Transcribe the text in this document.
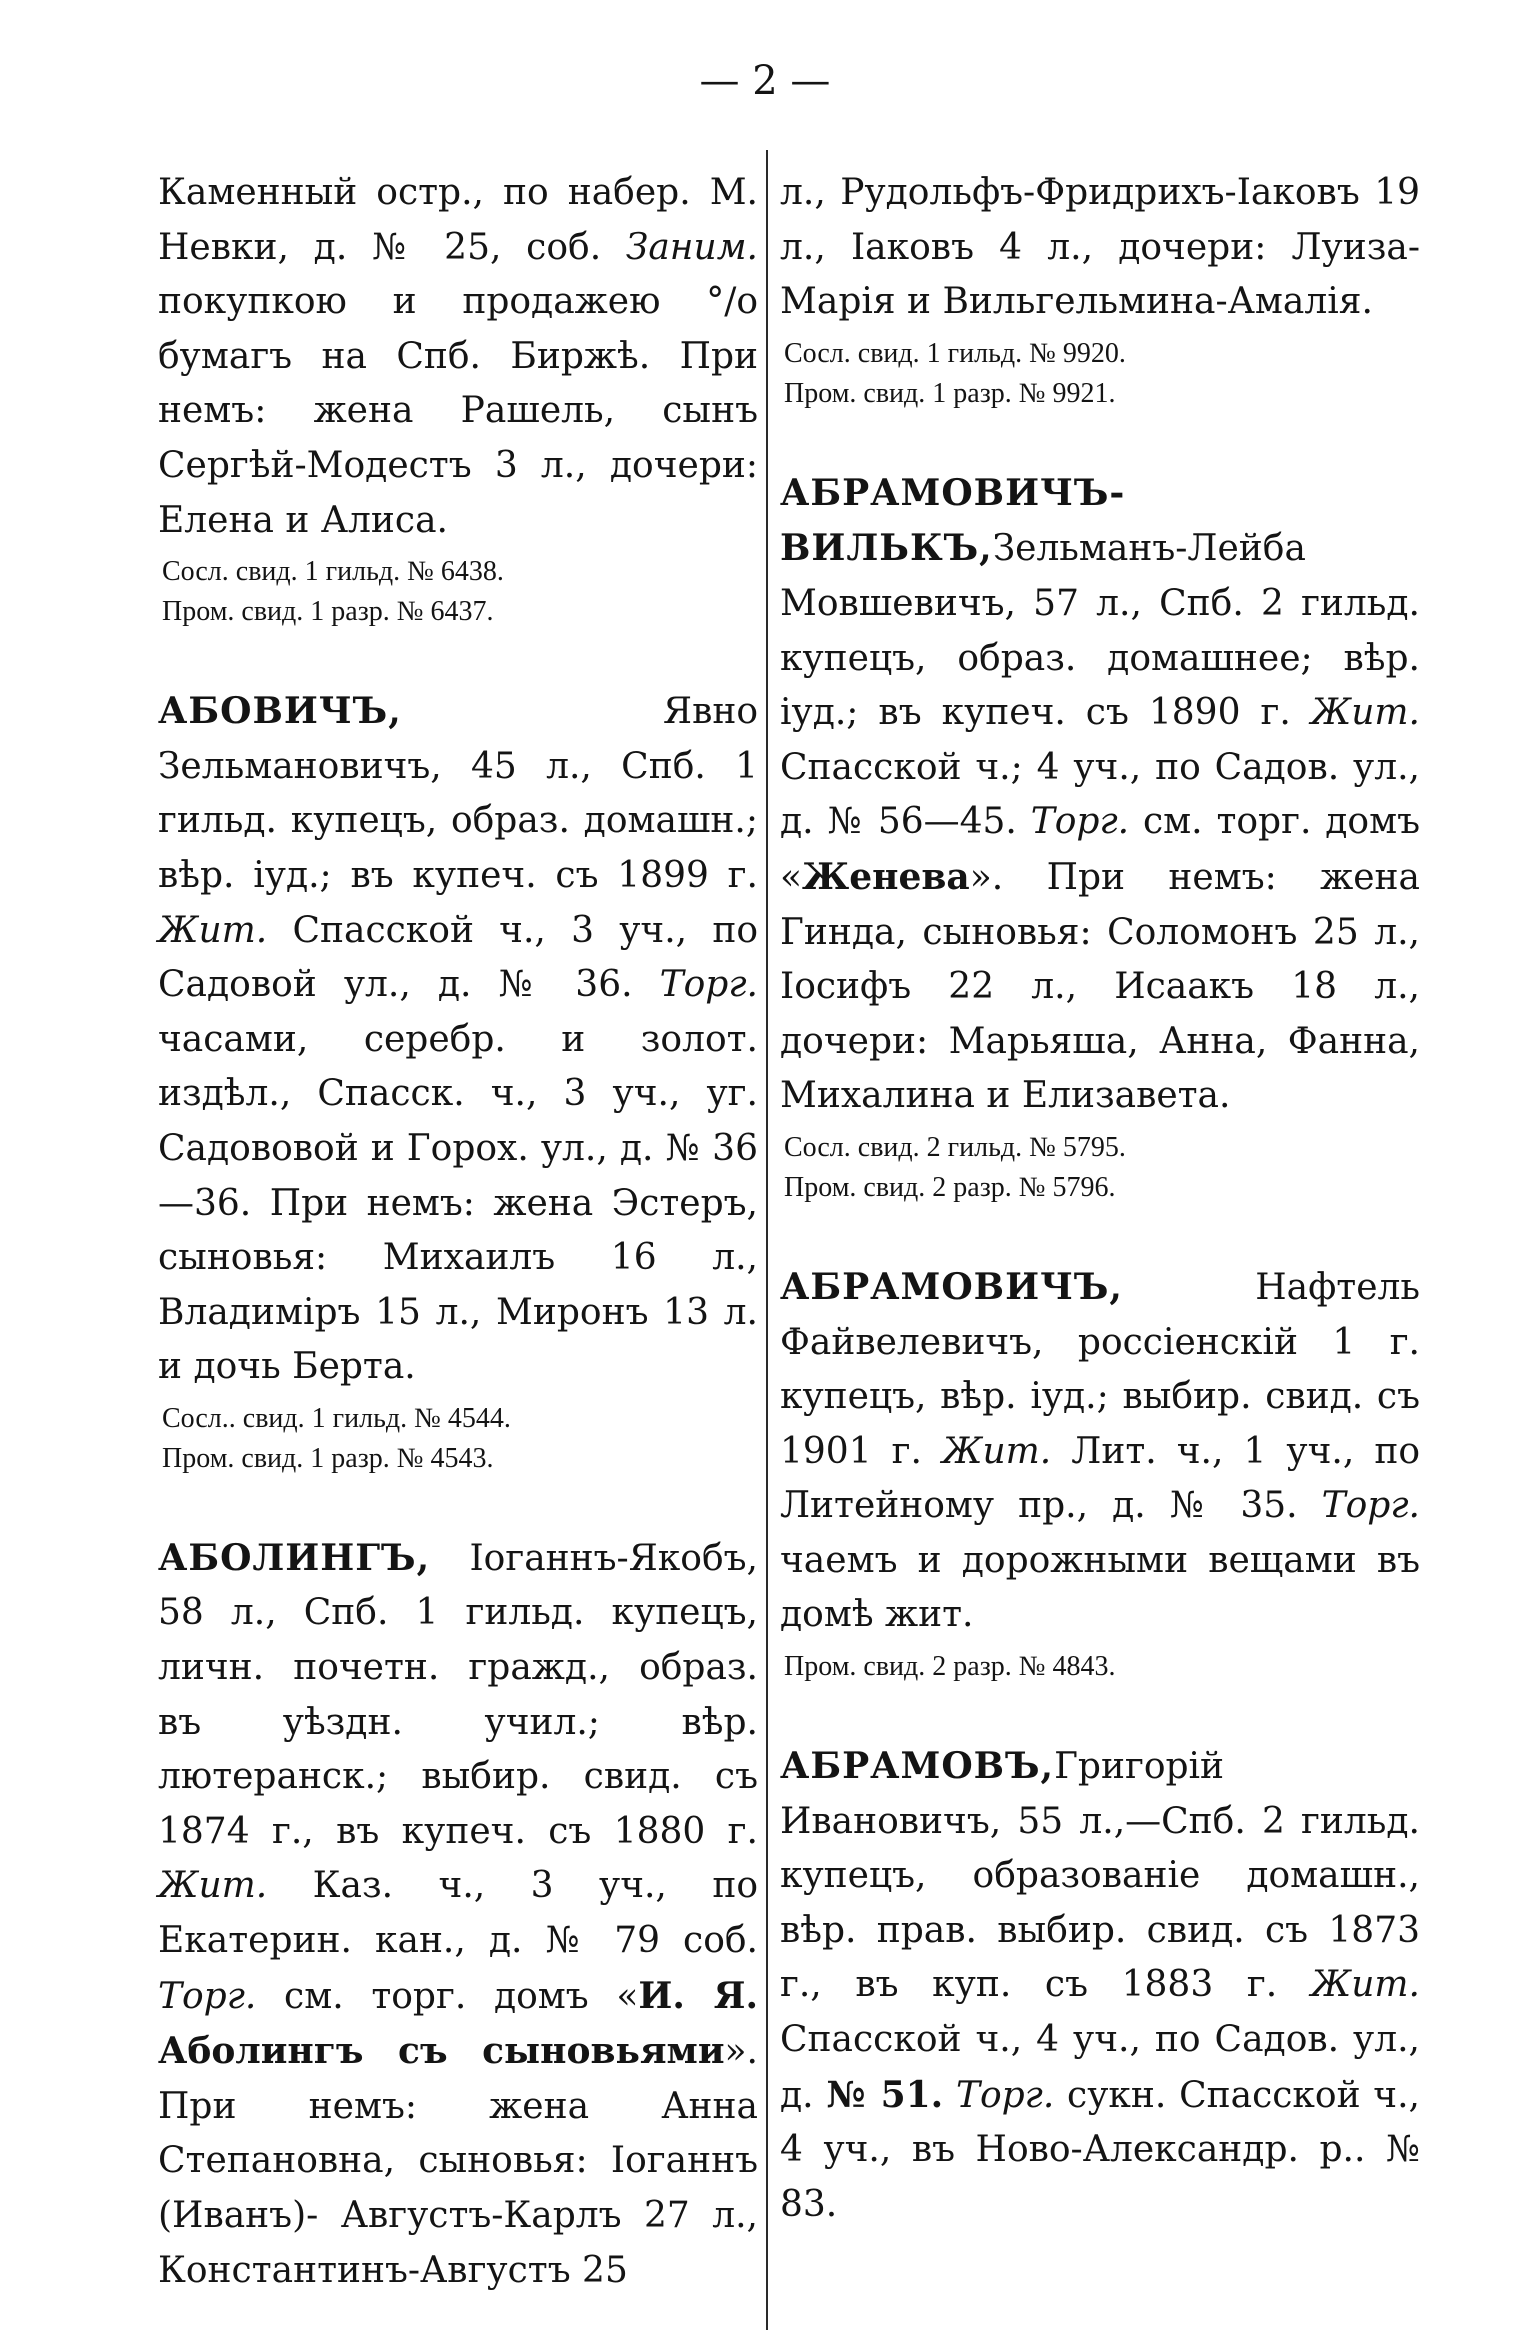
— 2 —

Каменный остр., по набер. М. Невки, д. № 25, соб. Заним. покупкою и продажею °/о бумагъ на Спб. Биржѣ. При немъ: жена Рашель, сынъ Сергѣй-Модестъ 3 л., дочери: Елена и Алиса.

Сосл. свид. 1 гильд. № 6438.

Пром. свид. 1 разр. № 6437.

АБОВИЧЪ, Явно Зельмановичъ, 45 л., Спб. 1 гильд. купецъ, образ. домашн.; вѣр. iуд.; въ купеч. съ 1899 г. Жит. Спасской ч., 3 уч., по Садовой ул., д. № 36. Торг. часами, серебр. и золот. издѣл., Спасск. ч., 3 уч., уг. Садововой и Горох. ул., д. № 36—36. При немъ: жена Эстеръ, сыновья: Михаилъ 16 л., Владимiръ 15 л., Миронъ 13 л. и дочь Берта.

Сосл.. свид. 1 гильд. № 4544.

Пром. свид. 1 разр. № 4543.

АБОЛИНГЪ, Iоганнъ-Якобъ, 58 л., Спб. 1 гильд. купецъ, личн. почетн. гражд., образ. въ уѣздн. учил.; вѣр. лютеранск.; выбир. свид. съ 1874 г., въ купеч. съ 1880 г. Жит. Каз. ч., 3 уч., по Екатерин. кан., д. № 79 соб. Торг. см. торг. домъ «И. Я. Аболингъ съ сыновьями». При немъ: жена Анна Степановна, сыновья: Iоганнъ (Иванъ)- Августъ-Карлъ 27 л., Константинъ-Августъ 25

л., Рудольфъ-Фридрихъ-Iаковъ 19 л., Iаковъ 4 л., дочери: Луиза-Марiя и Вильгельмина-Амалiя.

Сосл. свид. 1 гильд. № 9920.

Пром. свид. 1 разр. № 9921.

АБРАМОВИЧЪ-ВИЛЬКЪ,Зельманъ-Лейба Мовшевичъ, 57 л., Спб. 2 гильд. купецъ, образ. домашнее; вѣр. iуд.; въ купеч. съ 1890 г. Жит. Спасской ч.; 4 уч., по Садов. ул., д. № 56—45. Торг. см. торг. домъ «Женева». При немъ: жена Гинда, сыновья: Соломонъ 25 л., Iосифъ 22 л., Исаакъ 18 л., дочери: Марьяша, Анна, Фанна, Михалина и Елизавета.

Сосл. свид. 2 гильд. № 5795.

Пром. свид. 2 разр. № 5796.

АБРАМОВИЧЪ, Нафтель Файвелевичъ, россiенскiй 1 г. купецъ, вѣр. iуд.; выбир. свид. съ 1901 г. Жит. Лит. ч., 1 уч., по Литейному пр., д. № 35. Торг. чаемъ и дорожными вещами въ домѣ жит.

Пром. свид. 2 разр. № 4843.

АБРАМОВЪ,Григорiй Ивановичъ, 55 л.,—Спб. 2 гильд. купецъ, образованiе домашн., вѣр. прав. выбир. свид. съ 1873 г., въ куп. съ 1883 г. Жит. Спасской ч., 4 уч., по Садов. ул., д. № 51. Торг. сукн. Спасской ч., 4 уч., въ Ново-Александр. р.. № 83.
